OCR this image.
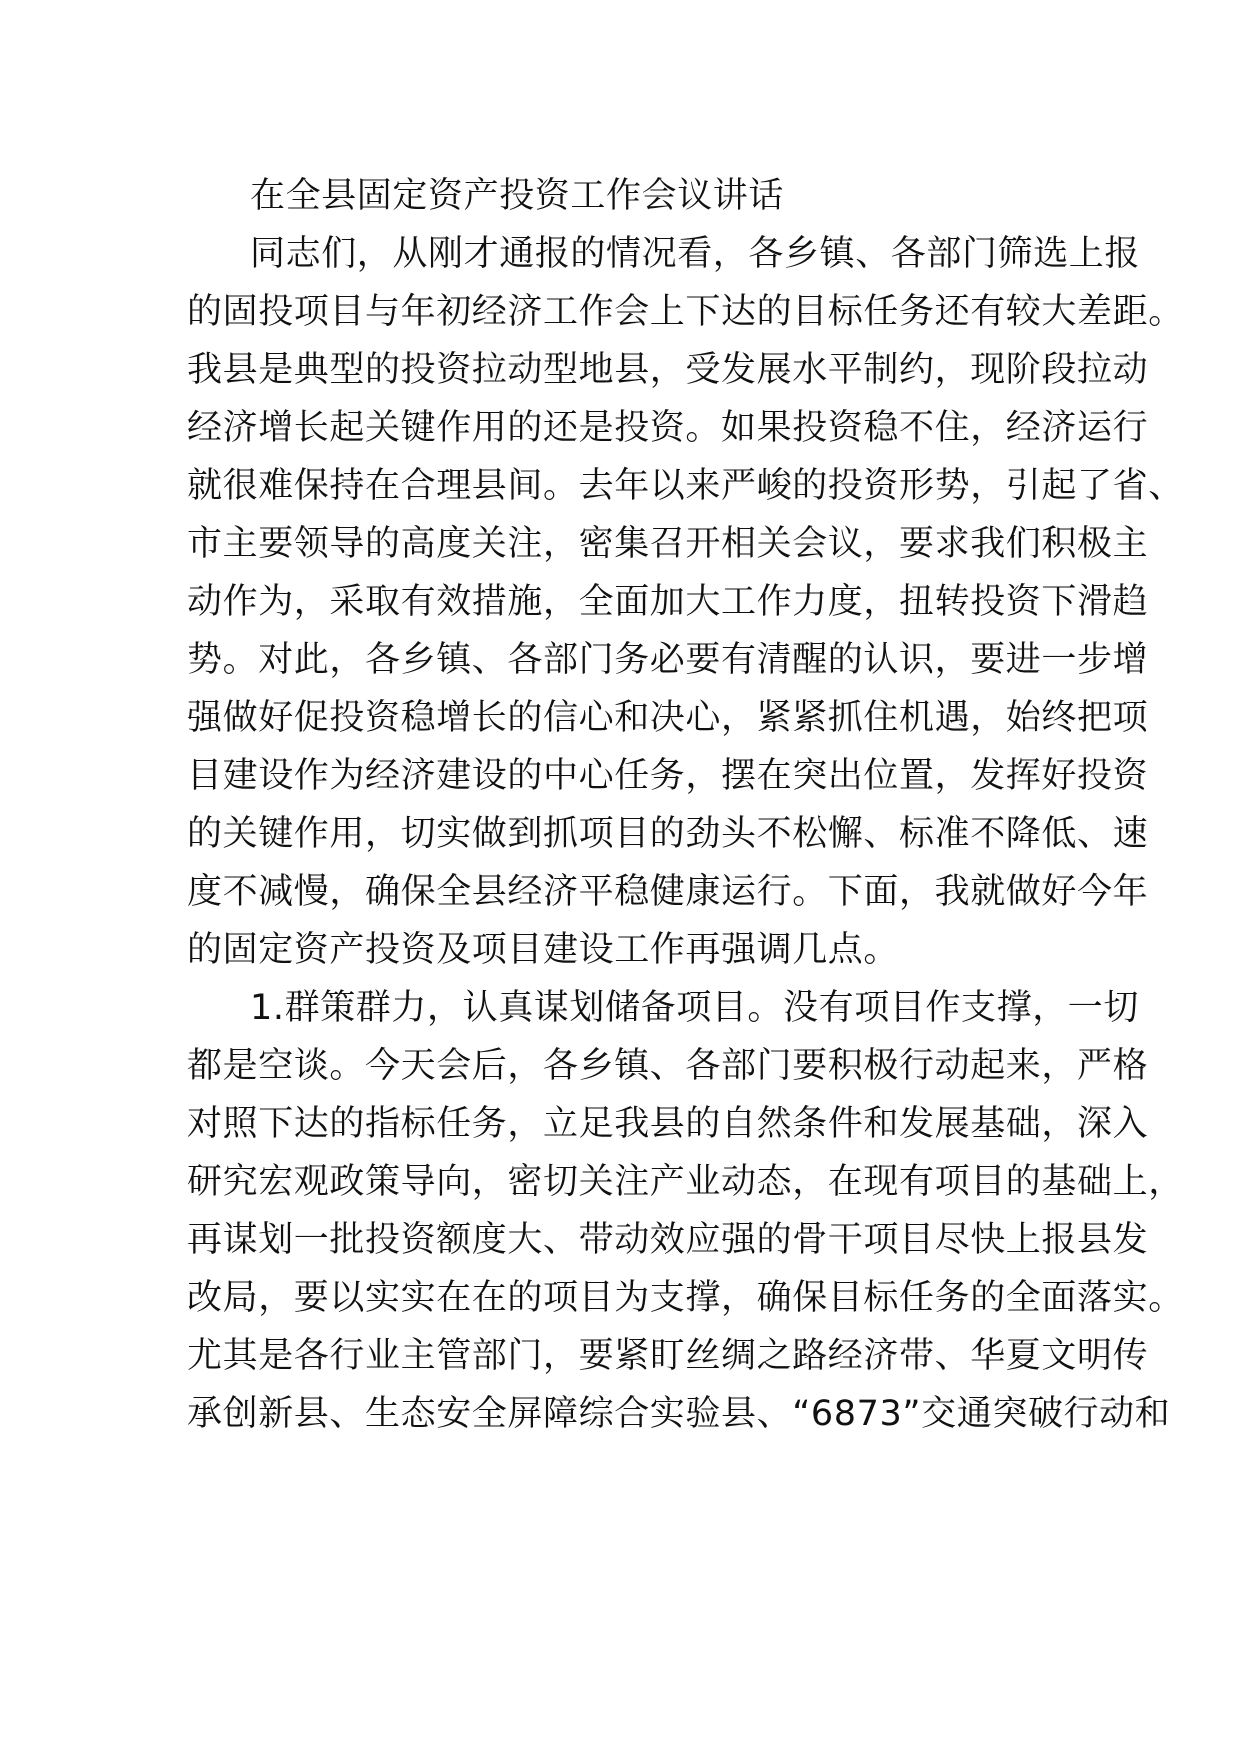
在全县固定资产投资工作会议讲话
同志们，从刚才通报的情况看，各乡镇、各部门筛选上报
的固投项目与年初经济工作会上下达的目标任务还有较大差距。
我县是典型的投资拉动型地县，受发展水平制约，现阶段拉动
经济增长起关键作用的还是投资。如果投资稳不住，经济运行
就很难保持在合理县间。去年以来严峻的投资形势，引起了省、
市主要领导的高度关注，密集召开相关会议，要求我们积极主
动作为，采取有效措施，全面加大工作力度，扭转投资下滑趋
势。对此，各乡镇、各部门务必要有清醒的认识，要进一步增
强做好促投资稳增长的信心和决心，紧紧抓住机遇，始终把项
目建设作为经济建设的中心任务，摆在突出位置，发挥好投资
的关键作用，切实做到抓项目的劲头不松懈、标准不降低、速
度不减慢，确保全县经济平稳健康运行。下面，我就做好今年
的固定资产投资及项目建设工作再强调几点。
1.群策群力，认真谋划储备项目。没有项目作支撑，一切
都是空谈。今天会后，各乡镇、各部门要积极行动起来，严格
对照下达的指标任务，立足我县的自然条件和发展基础，深入
研究宏观政策导向，密切关注产业动态，在现有项目的基础上，
再谋划一批投资额度大、带动效应强的骨干项目尽快上报县发
改局，要以实实在在的项目为支撑，确保目标任务的全面落实。
尤其是各行业主管部门，要紧盯丝绸之路经济带、华夏文明传
承创新县、生态安全屏障综合实验县、“6873”交通突破行动和
